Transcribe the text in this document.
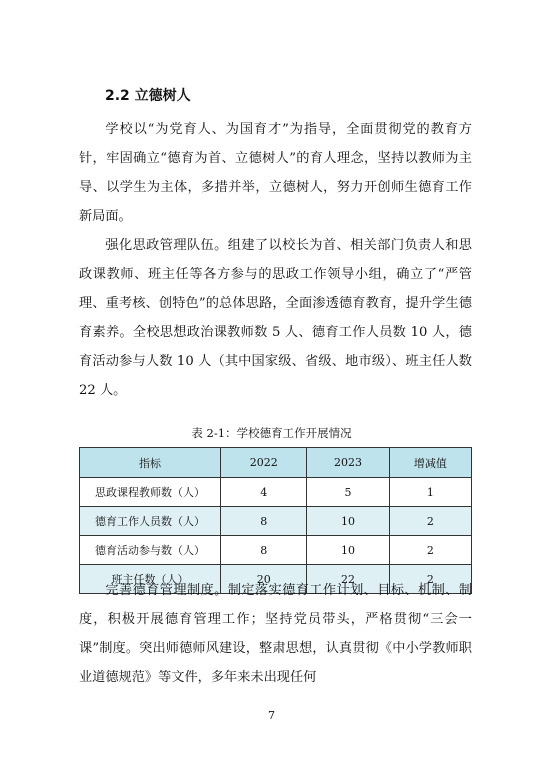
2.2 立德树人

学校以“为党育人、为国育才”为指导，全面贯彻党的教育方针，牢固确立“德育为首、立德树人”的育人理念，坚持以教师为主导、以学生为主体，多措并举，立德树人，努力开创师生德育工作新局面。

强化思政管理队伍。组建了以校长为首、相关部门负责人和思政课教师、班主任等各方参与的思政工作领导小组，确立了“严管理、重考核、创特色”的总体思路，全面渗透德育教育，提升学生德育素养。全校思想政治课教师数 5 人、德育工作人员数 10 人，德育活动参与人数 10 人（其中国家级、省级、地市级）、班主任人数 22 人。

表 2-1：学校德育工作开展情况

指标	2022	2023	增减值
思政课程教师数（人）	4	5	1
德育工作人员数（人）	8	10	2
德育活动参与数（人）	8	10	2
班主任数（人）	20	22	2

完善德育管理制度。制定落实德育工作计划、目标、机制、制度，积极开展德育管理工作；坚持党员带头，严格贯彻“三会一课”制度。突出师德师风建设，整肃思想，认真贯彻《中小学教师职业道德规范》等文件，多年来未出现任何

7
